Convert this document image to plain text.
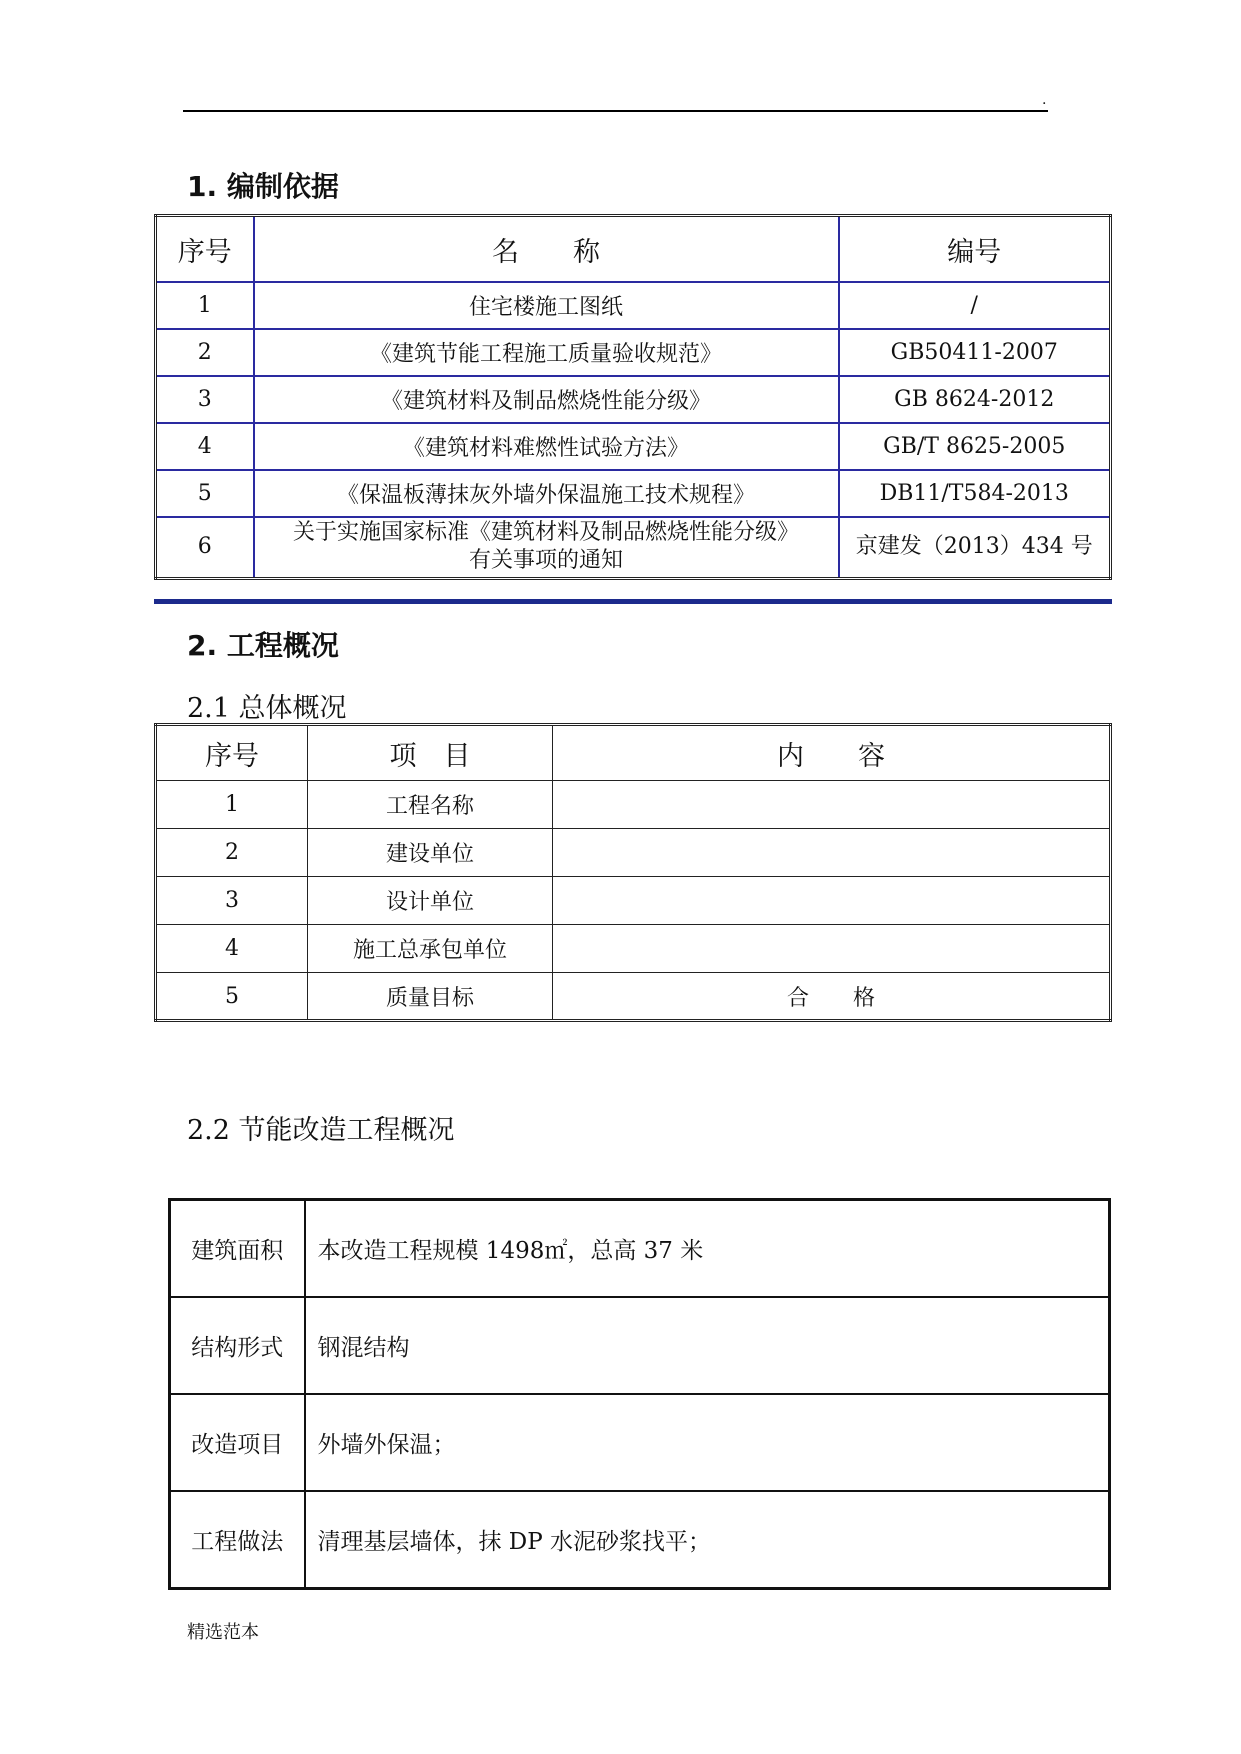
.
1. 编制依据
序号	名　　称	编号
1	住宅楼施工图纸	/
2	《建筑节能工程施工质量验收规范》	GB50411-2007
3	《建筑材料及制品燃烧性能分级》	GB 8624-2012
4	《建筑材料难燃性试验方法》	GB/T 8625-2005
5	《保温板薄抹灰外墙外保温施工技术规程》	DB11/T584-2013
6	关于实施国家标准《建筑材料及制品燃烧性能分级》
有关事项的通知	京建发（2013）434 号
2. 工程概况
2.1 总体概况
序号	项　目	内　　容
1	工程名称	
2	建设单位	
3	设计单位	
4	施工总承包单位	
5	质量目标	合　　格
2.2 节能改造工程概况
建筑面积	本改造工程规模 1498㎡，总高 37 米
结构形式	钢混结构
改造项目	外墙外保温；
工程做法	清理基层墙体，抹 DP 水泥砂浆找平；
精选范本
